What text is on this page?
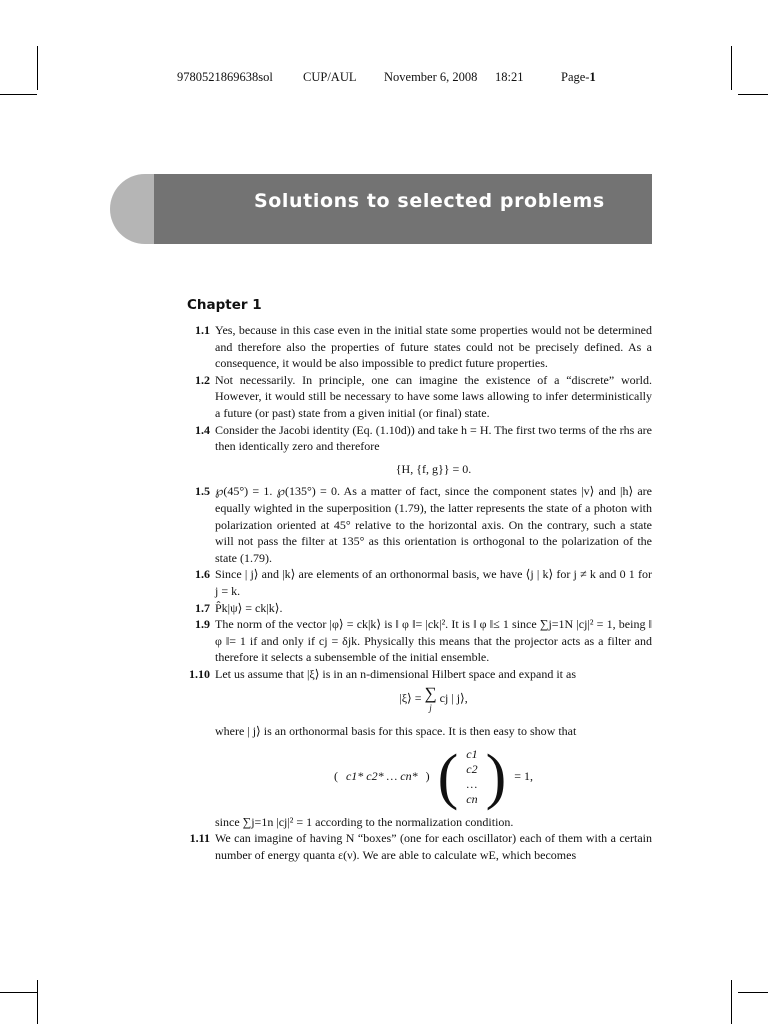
9780521869638sol CUP/AUL November 6, 2008 18:21	Page-1
Solutions to selected problems
Chapter 1
1.1 Yes, because in this case even in the initial state some properties would not be determined and therefore also the properties of future states could not be precisely defined. As a consequence, it would be also impossible to predict future properties.
1.2 Not necessarily. In principle, one can imagine the existence of a “discrete” world. However, it would still be necessary to have some laws allowing to infer deterministically a future (or past) state from a given initial (or final) state.
1.4 Consider the Jacobi identity (Eq. (1.10d)) and take h = H. The first two terms of the rhs are then identically zero and therefore
{H, {f, g}} = 0.
1.5 ℘(45°) = 1. ℘(135°) = 0. As a matter of fact, since the component states |v⟩ and |h⟩ are equally wighted in the superposition (1.79), the latter represents the state of a photon with polarization oriented at 45° relative to the horizontal axis. On the contrary, such a state will not pass the filter at 135° as this orientation is orthogonal to the polarization of the state (1.79).
1.6 Since | j⟩ and |k⟩ are elements of an orthonormal basis, we have ⟨j | k⟩ for j ≠ k and 0 1 for j = k.
1.7 P̂k|ψ⟩ = ck|k⟩.
1.9 The norm of the vector |φ⟩ = ck|k⟩ is ‖ φ ‖= |ck|². It is ‖ φ ‖≤ 1 since ∑j=1N |cj|² = 1, being ‖ φ ‖= 1 if and only if cj = δjk. Physically this means that the projector acts as a filter and therefore it selects a subensemble of the initial ensemble.
1.10 Let us assume that |ξ⟩ is in an n-dimensional Hilbert space and expand it as
|ξ⟩ = ∑
j
cj | j⟩,
where | j⟩ is an orthonormal basis for this space. It is then easy to show that
( c1* c2* … cn* ) ( c1
c2
…
cn ) = 1,
since ∑j=1n |cj|² = 1 according to the normalization condition.
1.11 We can imagine of having N “boxes” (one for each oscillator) each of them with a certain number of energy quanta ε(ν). We are able to calculate wE, which becomes
